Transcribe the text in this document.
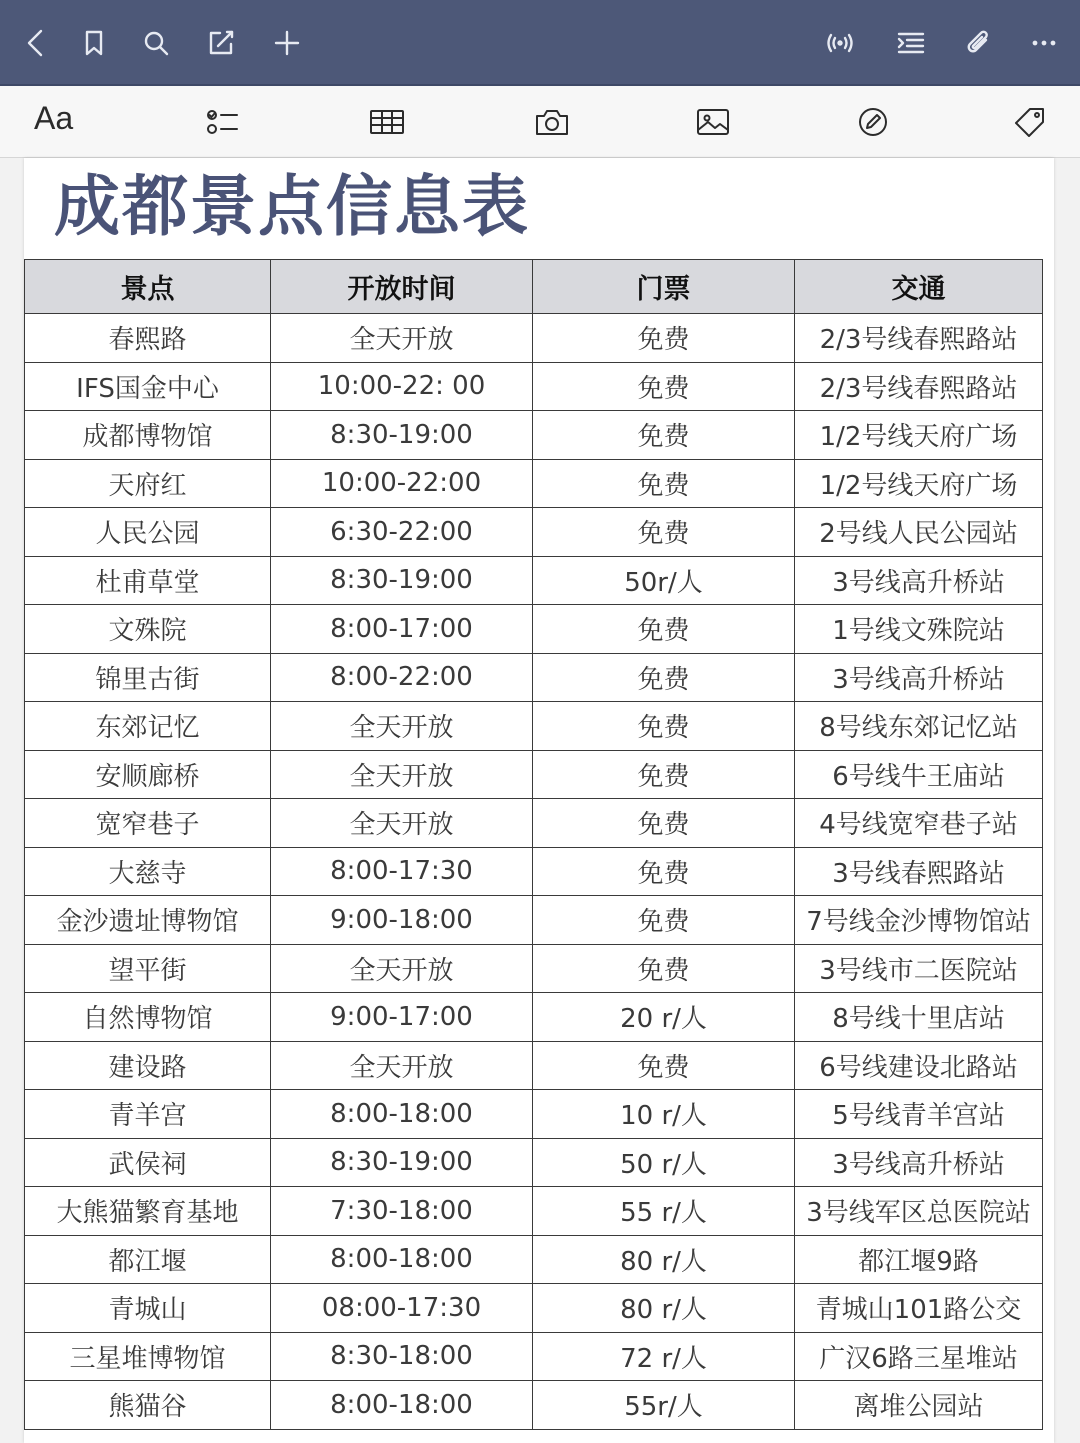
Aa
成都景点信息表
景点	开放时间	门票	交通
春熙路	全天开放	免费	2/3号线春熙路站
IFS国金中心	10:00-22: 00	免费	2/3号线春熙路站
成都博物馆	8:30-19:00	免费	1/2号线天府广场
天府红	10:00-22:00	免费	1/2号线天府广场
人民公园	6:30-22:00	免费	2号线人民公园站
杜甫草堂	8:30-19:00	50r/人	3号线高升桥站
文殊院	8:00-17:00	免费	1号线文殊院站
锦里古街	8:00-22:00	免费	3号线高升桥站
东郊记忆	全天开放	免费	8号线东郊记忆站
安顺廊桥	全天开放	免费	6号线牛王庙站
宽窄巷子	全天开放	免费	4号线宽窄巷子站
大慈寺	8:00-17:30	免费	3号线春熙路站
金沙遗址博物馆	9:00-18:00	免费	7号线金沙博物馆站
望平街	全天开放	免费	3号线市二医院站
自然博物馆	9:00-17:00	20 r/人	8号线十里店站
建设路	全天开放	免费	6号线建设北路站
青羊宫	8:00-18:00	10 r/人	5号线青羊宫站
武侯祠	8:30-19:00	50 r/人	3号线高升桥站
大熊猫繁育基地	7:30-18:00	55 r/人	3号线军区总医院站
都江堰	8:00-18:00	80 r/人	都江堰9路
青城山	08:00-17:30	80 r/人	青城山101路公交
三星堆博物馆	8:30-18:00	72 r/人	广汉6路三星堆站
熊猫谷	8:00-18:00	55r/人	离堆公园站
